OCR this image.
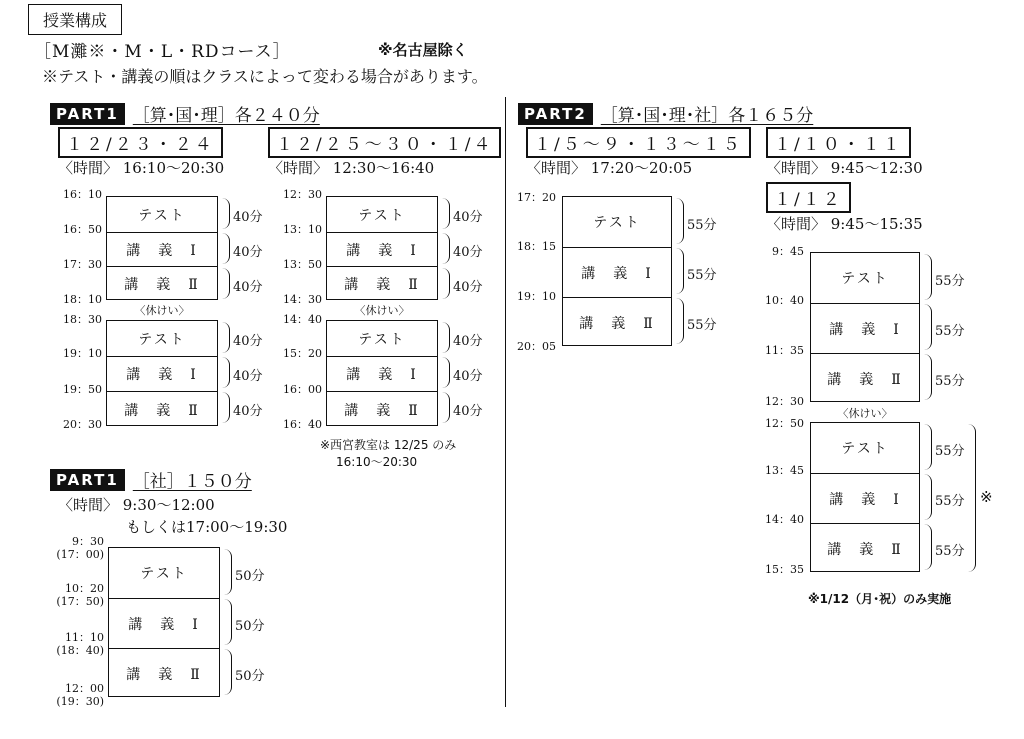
授業構成
［M灘※・M・L・RDコース］	※名古屋除く
※テスト・講義の順はクラスによって変わる場合があります。
PART1 ［算･国･理］各２４０分
１２/２３・２４
〈時間〉 16:10〜20:30
１２/２５〜３０・１/４
〈時間〉 12:30〜16:40
テスト
講　義　Ⅰ
講　義　Ⅱ
〈休けい〉
テスト
講　義　Ⅰ
講　義　Ⅱ
16：10
16：50
17：30
18：10
18：30
19：10
19：50
20：30
40分
40分
40分
40分
40分
40分
テスト
講　義　Ⅰ
講　義　Ⅱ
〈休けい〉
テスト
講　義　Ⅰ
講　義　Ⅱ
12：30
13：10
13：50
14：30
14：40
15：20
16：00
16：40
40分
40分
40分
40分
40分
40分
※西宮教室は 12/25 のみ
16:10〜20:30
PART1 ［社］１５０分
〈時間〉 9:30〜12:00
もしくは17:00〜19:30
テスト
講　義　Ⅰ
講　義　Ⅱ
9：30
(17：00)
10：20
(17：50)
11：10
(18：40)
12：00
(19：30)
50分
50分
50分
PART2 ［算･国･理･社］各１６５分
１/５〜９・１３〜１５
〈時間〉 17:20〜20:05
１/１０・１１
〈時間〉 9:45〜12:30
１/１２
〈時間〉 9:45〜15:35
テスト
講　義　Ⅰ
講　義　Ⅱ
17：20
18：15
19：10
20：05
55分
55分
55分
テスト
講　義　Ⅰ
講　義　Ⅱ
〈休けい〉
テスト
講　義　Ⅰ
講　義　Ⅱ
9：45
10：40
11：35
12：30
12：50
13：45
14：40
15：35
55分
55分
55分
55分
55分
55分
※
※1/12（月･祝）のみ実施
